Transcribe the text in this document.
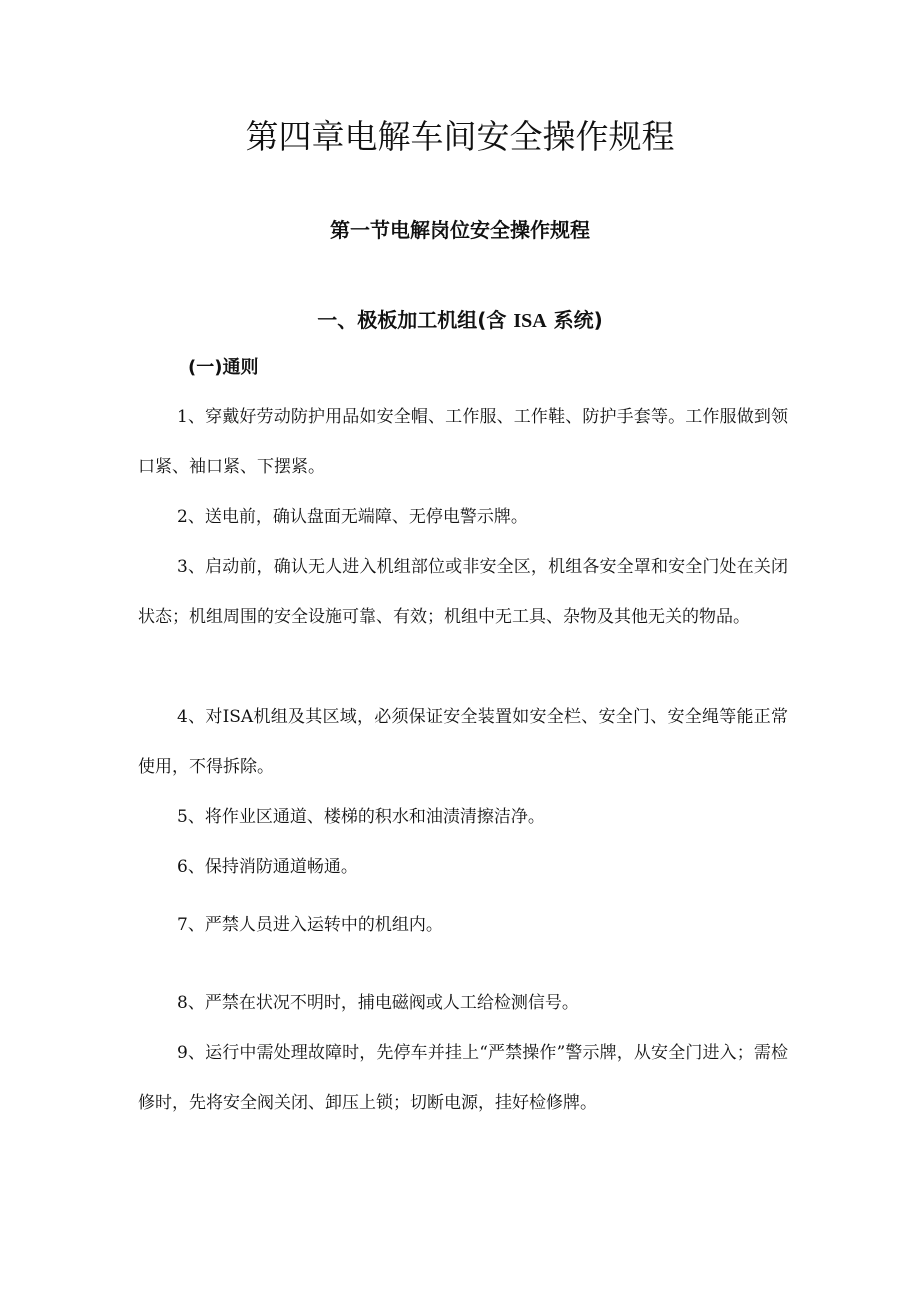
第四章电解车间安全操作规程
第一节电解岗位安全操作规程
一、极板加工机组(含 ISA 系统)
(一)通则

1、穿戴好劳动防护用品如安全帽、工作服、工作鞋、防护手套等。工作服做到领口紧、袖口紧、下摆紧。

2、送电前，确认盘面无端障、无停电警示牌。

3、启动前，确认无人进入机组部位或非安全区，机组各安全罩和安全门处在关闭状态；机组周围的安全设施可靠、有效；机组中无工具、杂物及其他无关的物品。

4、对ISA机组及其区域，必须保证安全装置如安全栏、安全门、安全绳等能正常使用，不得拆除。

5、将作业区通道、楼梯的积水和油渍清擦洁净。

6、保持消防通道畅通。

7、严禁人员进入运转中的机组内。

8、严禁在状况不明时，捕电磁阀或人工给检测信号。

9、运行中需处理故障时，先停车并挂上“严禁操作”警示牌，从安全门进入；需检修时，先将安全阀关闭、卸压上锁；切断电源，挂好检修牌。
